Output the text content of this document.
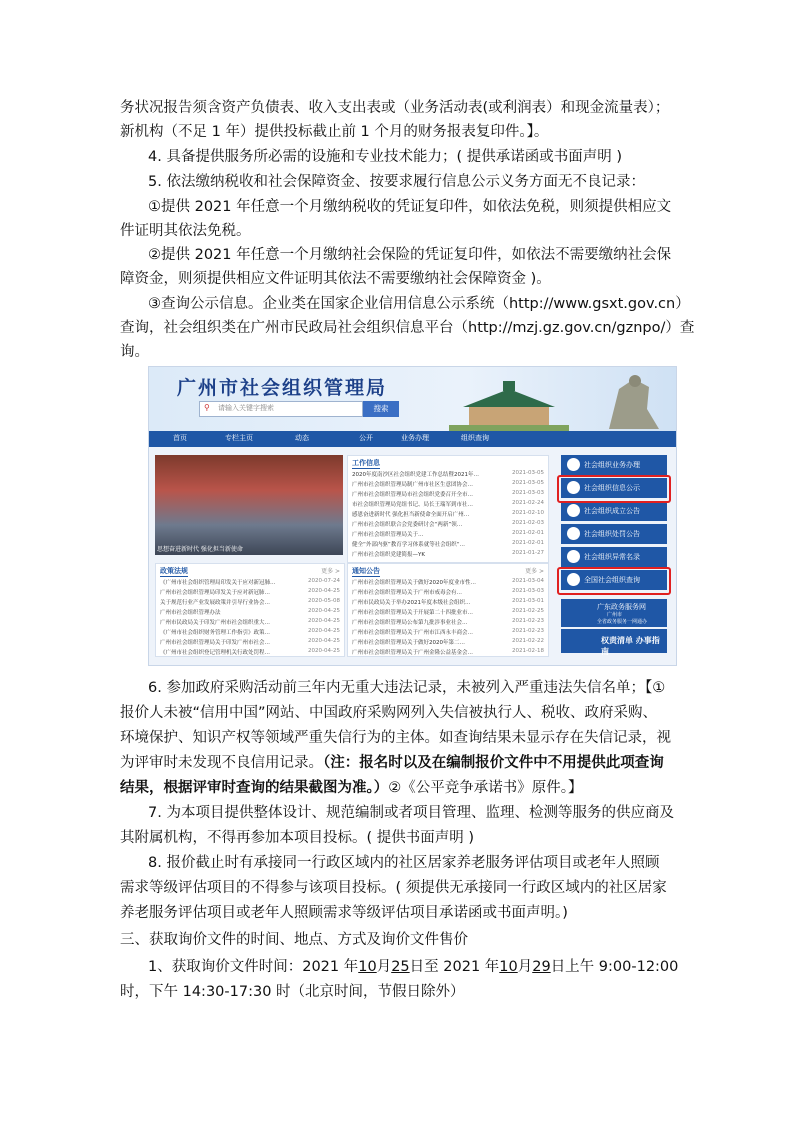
务状况报告须含资产负债表、收入支出表或（业务活动表(或利润表）和现金流量表）；
新机构（不足 1 年）提供投标截止前 1 个月的财务报表复印件。】。
4. 具备提供服务所必需的设施和专业技术能力；( 提供承诺函或书面声明 )
5. 依法缴纳税收和社会保障资金、按要求履行信息公示义务方面无不良记录：
①提供 2021 年任意一个月缴纳税收的凭证复印件，如依法免税，则须提供相应文
件证明其依法免税。
②提供 2021 年任意一个月缴纳社会保险的凭证复印件，如依法不需要缴纳社会保
障资金，则须提供相应文件证明其依法不需要缴纳社会保障资金 )。
③查询公示信息。企业类在国家企业信用信息公示系统（http://www.gsxt.gov.cn）
查询，社会组织类在广州市民政局社会组织信息平台（http://mzj.gz.gov.cn/gznpo/）查
询。
广州市社会组织管理局
⚲ 请输入关键字搜索	搜索
首页	专栏主页	动态	公开	业务办理	组织查询
思想奋进新时代 强化担当新使命
工作信息
2020年度南沙区社会组织党建工作总结暨2021年…	2021-03-05
广州市社会组织管理局制广州市社区生意团协会…	2021-03-05
广州市社会组织管理局市社会组织党委召开全市…	2021-03-03
市社会组织管理局党组书记、局长王瑞军到市社…	2021-02-24
感恩奋进新时代 强化担当新使命全面开启广州…	2021-02-10
广州市社会组织联合会党委研讨会“两新”领…	2021-02-03
广州市社会组织管理局关于…	2021-02-01
健全“外部内驱”教育学习体系就等社会组织“…	2021-02-01
广州市社会组织党建简报—YK	2021-01-27
政策法规	更多 >
《广州市社会组织管理局印发关于应对新冠肺…	2020-07-24
广州市社会组织管理局印发关于应对新冠肺…	2020-04-25
关于规范行业产业发展政策并引导行业协会…	2020-05-08
广州市社会组织管理办法	2020-04-25
广州市民政局关于印发广州市社会组织重大…	2020-04-25
《广州市社会组织财务管理工作指引》政策…	2020-04-25
广州市社会组织管理局关于印发广州市社会…	2020-04-25
《广州市社会组织登记管理机关行政处罚程…	2020-04-25
通知公告	更多 >
广州市社会组织管理局关于做好2020年度业市性…	2021-03-04
广州市社会组织管理局关于广州市戒毒会有…	2021-03-03
广州市民政局关于举办2021年度本级社会组织…	2021-03-01
广州市社会组织管理局关于开展第二十四批业市…	2021-02-25
广州市社会组织管理局公布第九批涉事业社会…	2021-02-23
广州市社会组织管理局关于广州市江西永丰商会…	2021-02-23
广州市社会组织管理局关于做好2020年第二…	2021-02-22
广州市社会组织管理局关于广州金隆公益基金会…	2021-02-18
社会组织业务办理
社会组织信息公示
社会组织成立公告
社会组织处罚公告
社会组织异常名录
全国社会组织查询
广东政务服务网
广州市
全省政务服务一网通办
权责清单 办事指南
6. 参加政府采购活动前三年内无重大违法记录，未被列入严重违法失信名单；【①
报价人未被“信用中国”网站、中国政府采购网列入失信被执行人、税收、政府采购、
环境保护、知识产权等领域严重失信行为的主体。如查询结果未显示存在失信记录，视
为评审时未发现不良信用记录。（注：报名时以及在编制报价文件中不用提供此项查询
结果，根据评审时查询的结果截图为准。）②《公平竞争承诺书》原件。】
7. 为本项目提供整体设计、规范编制或者项目管理、监理、检测等服务的供应商及
其附属机构，不得再参加本项目投标。( 提供书面声明 )
8. 报价截止时有承接同一行政区域内的社区居家养老服务评估项目或老年人照顾
需求等级评估项目的不得参与该项目投标。( 须提供无承接同一行政区域内的社区居家
养老服务评估项目或老年人照顾需求等级评估项目承诺函或书面声明。)
三、获取询价文件的时间、地点、方式及询价文件售价
1、获取询价文件时间：2021 年10月25日至 2021 年10月29日上午 9:00-12:00
时，下午 14:30-17:30 时（北京时间，节假日除外）
